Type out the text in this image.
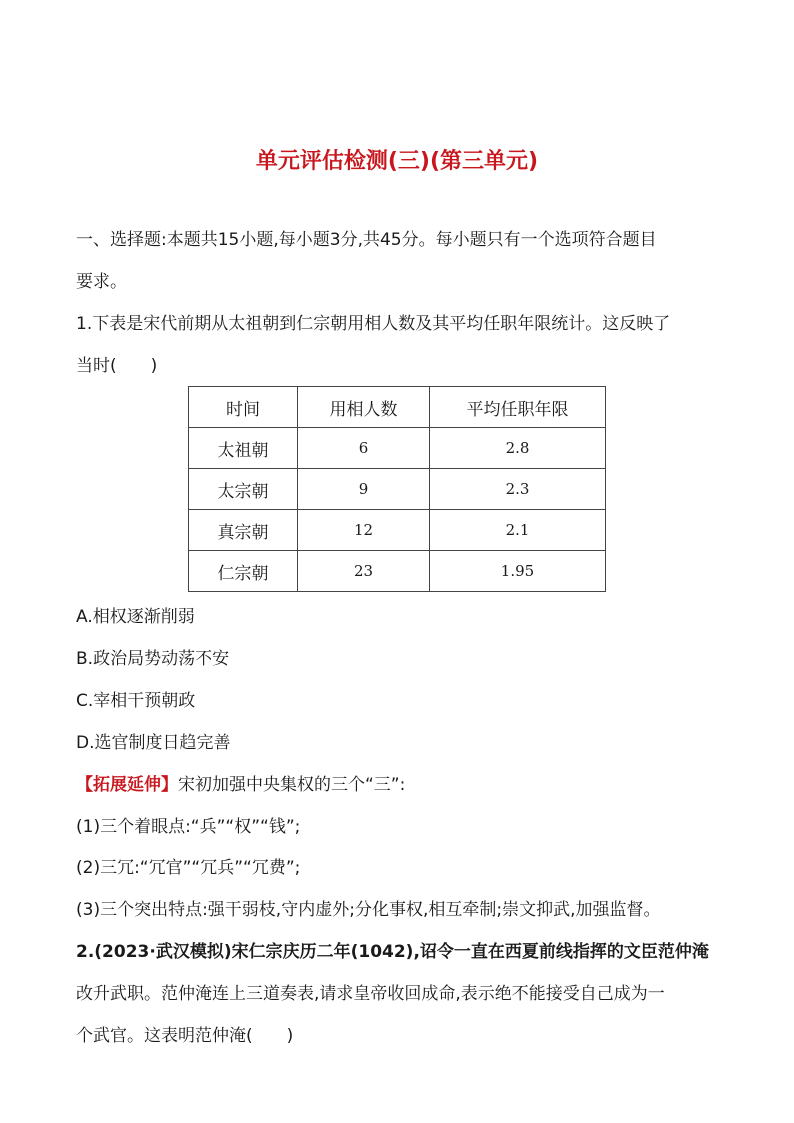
单元评估检测(三)(第三单元)
一、选择题:本题共15小题,每小题3分,共45分。每小题只有一个选项符合题目
要求。
1.下表是宋代前期从太祖朝到仁宗朝用相人数及其平均任职年限统计。这反映了
当时(　　)
时间	用相人数	平均任职年限
太祖朝	6	2.8
太宗朝	9	2.3
真宗朝	12	2.1
仁宗朝	23	1.95
A.相权逐渐削弱
B.政治局势动荡不安
C.宰相干预朝政
D.选官制度日趋完善
【拓展延伸】宋初加强中央集权的三个“三”:
(1)三个着眼点:“兵”“权”“钱”;
(2)三冗:“冗官”“冗兵”“冗费”;
(3)三个突出特点:强干弱枝,守内虚外;分化事权,相互牵制;崇文抑武,加强监督。
2.(2023·武汉模拟)宋仁宗庆历二年(1042),诏令一直在西夏前线指挥的文臣范仲淹
改升武职。范仲淹连上三道奏表,请求皇帝收回成命,表示绝不能接受自己成为一
个武官。这表明范仲淹(　　)
